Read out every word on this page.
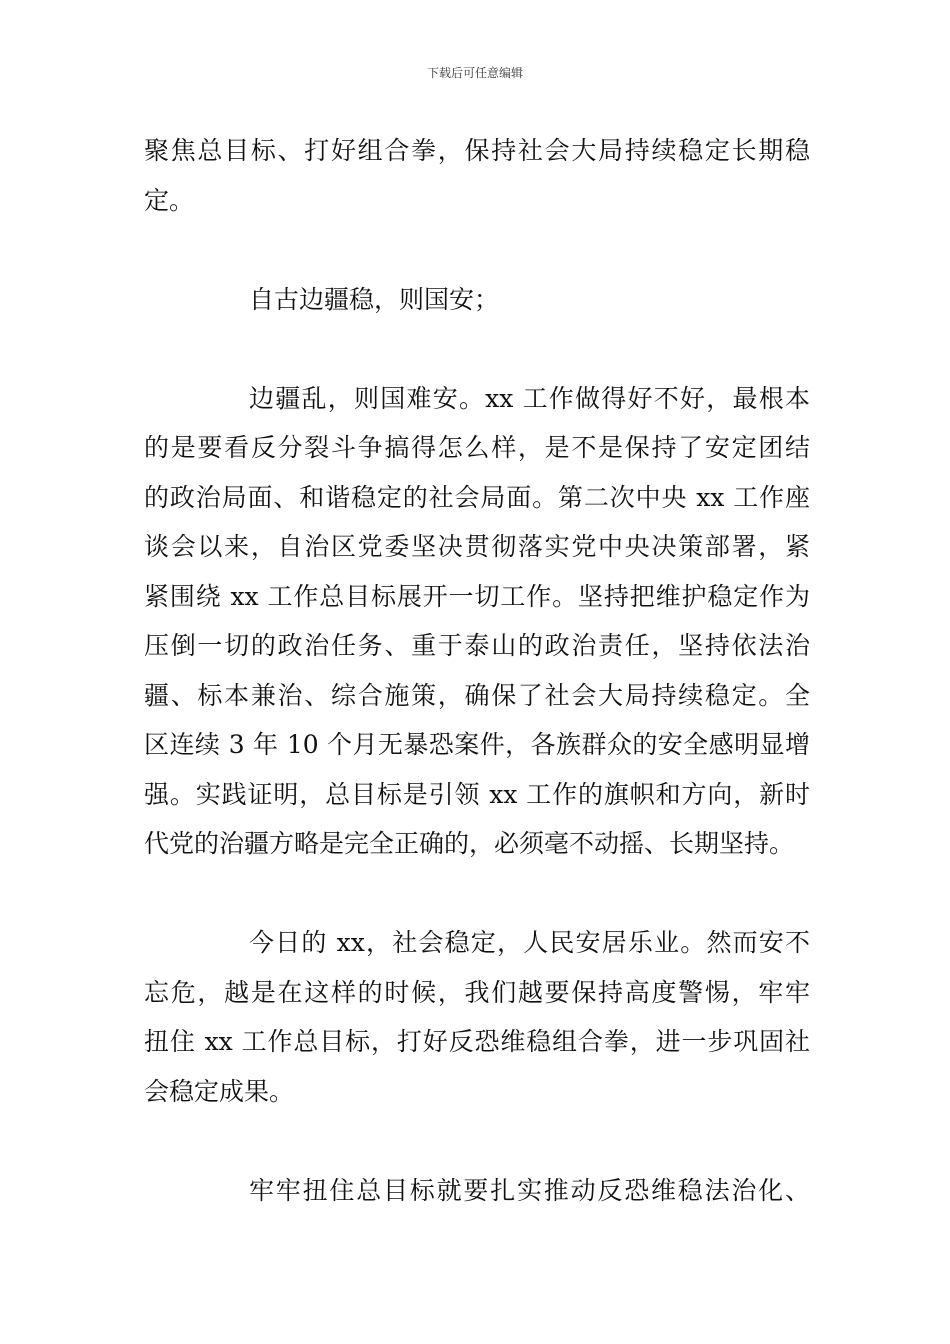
下载后可任意编辑
聚焦总目标、打好组合拳，保持社会大局持续稳定长期稳
定。
自古边疆稳，则国安；
边疆乱，则国难安。xx 工作做得好不好，最根本
的是要看反分裂斗争搞得怎么样，是不是保持了安定团结
的政治局面、和谐稳定的社会局面。第二次中央 xx 工作座
谈会以来，自治区党委坚决贯彻落实党中央决策部署，紧
紧围绕 xx 工作总目标展开一切工作。坚持把维护稳定作为
压倒一切的政治任务、重于泰山的政治责任，坚持依法治
疆、标本兼治、综合施策，确保了社会大局持续稳定。全
区连续 3 年 10 个月无暴恐案件，各族群众的安全感明显增
强。实践证明，总目标是引领 xx 工作的旗帜和方向，新时
代党的治疆方略是完全正确的，必须毫不动摇、长期坚持。
今日的 xx，社会稳定，人民安居乐业。然而安不
忘危，越是在这样的时候，我们越要保持高度警惕，牢牢
扭住 xx 工作总目标，打好反恐维稳组合拳，进一步巩固社
会稳定成果。
牢牢扭住总目标就要扎实推动反恐维稳法治化、
